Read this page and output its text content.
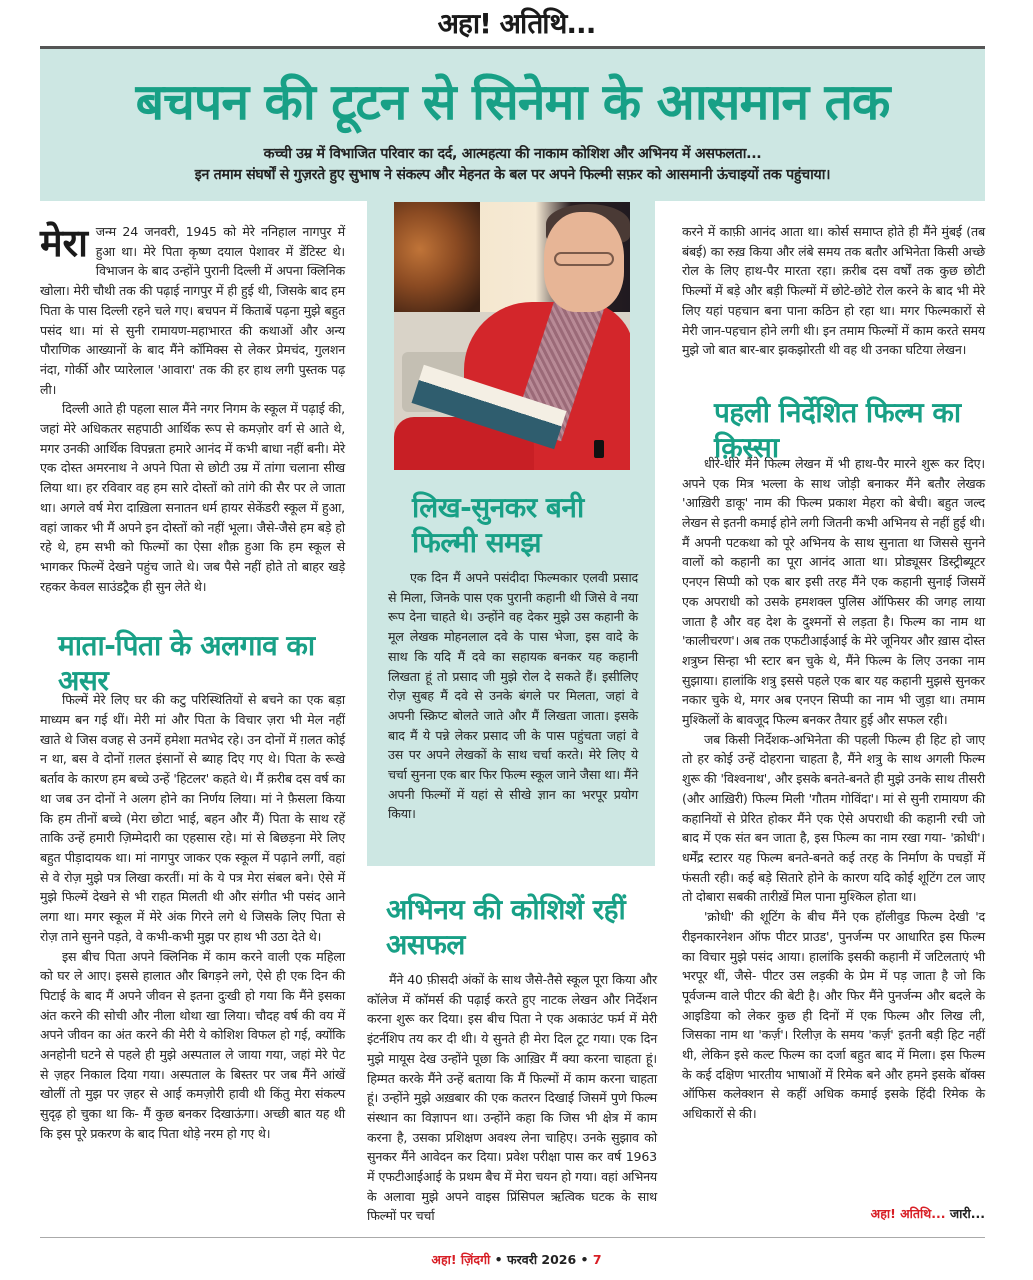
अहा! अतिथि...
बचपन की टूटन से सिनेमा के आसमान तक
कच्ची उम्र में विभाजित परिवार का दर्द, आत्महत्या की नाकाम कोशिश और अभिनय में असफलता...
इन तमाम संघर्षों से गुज़रते हुए सुभाष ने संकल्प और मेहनत के बल पर अपने फिल्मी सफ़र को आसमानी ऊंचाइयों तक पहुंचाया।

मेरा जन्म 24 जनवरी, 1945 को मेरे ननिहाल नागपुर में हुआ था। मेरे पिता कृष्ण दयाल पेशावर में डेंटिस्ट थे। विभाजन के बाद उन्होंने पुरानी दिल्ली में अपना क्लिनिक खोला। मेरी चौथी तक की पढ़ाई नागपुर में ही हुई थी, जिसके बाद हम पिता के पास दिल्ली रहने चले गए। बचपन में किताबें पढ़ना मुझे बहुत पसंद था। मां से सुनी रामायण-महाभारत की कथाओं और अन्य पौराणिक आख्यानों के बाद मैंने कॉमिक्स से लेकर प्रेमचंद, गुलशन नंदा, गोर्की और प्यारेलाल 'आवारा' तक की हर हाथ लगी पुस्तक पढ़ ली।

दिल्ली आते ही पहला साल मैंने नगर निगम के स्कूल में पढ़ाई की, जहां मेरे अधिकतर सहपाठी आर्थिक रूप से कमज़ोर वर्ग से आते थे, मगर उनकी आर्थिक विपन्नता हमारे आनंद में कभी बाधा नहीं बनी। मेरे एक दोस्त अमरनाथ ने अपने पिता से छोटी उम्र में तांगा चलाना सीख लिया था। हर रविवार वह हम सारे दोस्तों को तांगे की सैर पर ले जाता था। अगले वर्ष मेरा दाख़िला सनातन धर्म हायर सेकेंडरी स्कूल में हुआ, वहां जाकर भी मैं अपने इन दोस्तों को नहीं भूला। जैसे-जैसे हम बड़े हो रहे थे, हम सभी को फिल्मों का ऐसा शौक़ हुआ कि हम स्कूल से भागकर फिल्में देखने पहुंच जाते थे। जब पैसे नहीं होते तो बाहर खड़े रहकर केवल साउंडट्रैक ही सुन लेते थे।

फिल्में मेरे लिए घर की कटु परिस्थितियों से बचने का एक बड़ा माध्यम बन गई थीं। मेरी मां और पिता के विचार ज़रा भी मेल नहीं खाते थे जिस वजह से उनमें हमेशा मतभेद रहे। उन दोनों में ग़लत कोई न था, बस वे दोनों ग़लत इंसानों से ब्याह दिए गए थे। पिता के रूखे बर्ताव के कारण हम बच्चे उन्हें 'हिटलर' कहते थे। मैं क़रीब दस वर्ष का था जब उन दोनों ने अलग होने का निर्णय लिया। मां ने फ़ैसला किया कि हम तीनों बच्चे (मेरा छोटा भाई, बहन और मैं) पिता के साथ रहें ताकि उन्हें हमारी ज़िम्मेदारी का एहसास रहे। मां से बिछड़ना मेरे लिए बहुत पीड़ादायक था। मां नागपुर जाकर एक स्कूल में पढ़ाने लगीं, वहां से वे रोज़ मुझे पत्र लिखा करतीं। मां के ये पत्र मेरा संबल बने। ऐसे में मुझे फिल्में देखने से भी राहत मिलती थी और संगीत भी पसंद आने लगा था। मगर स्कूल में मेरे अंक गिरने लगे थे जिसके लिए पिता से रोज़ ताने सुनने पड़ते, वे कभी-कभी मुझ पर हाथ भी उठा देते थे।

इस बीच पिता अपने क्लिनिक में काम करने वाली एक महिला को घर ले आए। इससे हालात और बिगड़ने लगे, ऐसे ही एक दिन की पिटाई के बाद मैं अपने जीवन से इतना दुःखी हो गया कि मैंने इसका अंत करने की सोची और नीला थोथा खा लिया। चौदह वर्ष की वय में अपने जीवन का अंत करने की मेरी ये कोशिश विफल हो गई, क्योंकि अनहोनी घटने से पहले ही मुझे अस्पताल ले जाया गया, जहां मेरे पेट से ज़हर निकाल दिया गया। अस्पताल के बिस्तर पर जब मैंने आंखें खोलीं तो मुझ पर ज़हर से आई कमज़ोरी हावी थी किंतु मेरा संकल्प सुदृढ़ हो चुका था कि- मैं कुछ बनकर दिखाऊंगा। अच्छी बात यह थी कि इस पूरे प्रकरण के बाद पिता थोड़े नरम हो गए थे।

माता-पिता के अलगाव का असर
लिख-सुनकर बनी फिल्मी समझ

एक दिन मैं अपने पसंदीदा फिल्मकार एलवी प्रसाद से मिला, जिनके पास एक पुरानी कहानी थी जिसे वे नया रूप देना चाहते थे। उन्होंने वह देकर मुझे उस कहानी के मूल लेखक मोहनलाल दवे के पास भेजा, इस वादे के साथ कि यदि मैं दवे का सहायक बनकर यह कहानी लिखता हूं तो प्रसाद जी मुझे रोल दे सकते हैं। इसीलिए रोज़ सुबह मैं दवे से उनके बंगले पर मिलता, जहां वे अपनी स्क्रिप्ट बोलते जाते और मैं लिखता जाता। इसके बाद मैं ये पन्ने लेकर प्रसाद जी के पास पहुंचता जहां वे उस पर अपने लेखकों के साथ चर्चा करते। मेरे लिए ये चर्चा सुनना एक बार फिर फिल्म स्कूल जाने जैसा था। मैंने अपनी फिल्मों में यहां से सीखे ज्ञान का भरपूर प्रयोग किया।

अभिनय की कोशिशें रहीं असफल

मैंने 40 फ़ीसदी अंकों के साथ जैसे-तैसे स्कूल पूरा किया और कॉलेज में कॉमर्स की पढ़ाई करते हुए नाटक लेखन और निर्देशन करना शुरू कर दिया। इस बीच पिता ने एक अकाउंट फर्म में मेरी इंटर्नशिप तय कर दी थी। ये सुनते ही मेरा दिल टूट गया। एक दिन मुझे मायूस देख उन्होंने पूछा कि आख़िर मैं क्या करना चाहता हूं। हिम्मत करके मैंने उन्हें बताया कि मैं फिल्मों में काम करना चाहता हूं। उन्होंने मुझे अख़बार की एक कतरन दिखाई जिसमें पुणे फिल्म संस्थान का विज्ञापन था। उन्होंने कहा कि जिस भी क्षेत्र में काम करना है, उसका प्रशिक्षण अवश्य लेना चाहिए। उनके सुझाव को सुनकर मैंने आवेदन कर दिया। प्रवेश परीक्षा पास कर वर्ष 1963 में एफटीआईआई के प्रथम बैच में मेरा चयन हो गया। वहां अभिनय के अलावा मुझे अपने वाइस प्रिंसिपल ऋत्विक घटक के साथ फिल्मों पर चर्चा

करने में काफ़ी आनंद आता था। कोर्स समाप्त होते ही मैंने मुंबई (तब बंबई) का रुख़ किया और लंबे समय तक बतौर अभिनेता किसी अच्छे रोल के लिए हाथ-पैर मारता रहा। क़रीब दस वर्षों तक कुछ छोटी फिल्मों में बड़े और बड़ी फिल्मों में छोटे-छोटे रोल करने के बाद भी मेरे लिए यहां पहचान बना पाना कठिन हो रहा था। मगर फिल्मकारों से मेरी जान-पहचान होने लगी थी। इन तमाम फिल्मों में काम करते समय मुझे जो बात बार-बार झकझोरती थी वह थी उनका घटिया लेखन।

धीरे-धीरे मैंने फिल्म लेखन में भी हाथ-पैर मारने शुरू कर दिए। अपने एक मित्र भल्ला के साथ जोड़ी बनाकर मैंने बतौर लेखक 'आख़िरी डाकू' नाम की फिल्म प्रकाश मेहरा को बेची। बहुत जल्द लेखन से इतनी कमाई होने लगी जितनी कभी अभिनय से नहीं हुई थी। मैं अपनी पटकथा को पूरे अभिनय के साथ सुनाता था जिससे सुनने वालों को कहानी का पूरा आनंद आता था। प्रोड्यूसर डिस्ट्रीब्यूटर एनएन सिप्पी को एक बार इसी तरह मैंने एक कहानी सुनाई जिसमें एक अपराधी को उसके हमशक्ल पुलिस ऑफिसर की जगह लाया जाता है और वह देश के दुश्मनों से लड़ता है। फिल्म का नाम था 'कालीचरण'। अब तक एफटीआईआई के मेरे जूनियर और ख़ास दोस्त शत्रुघ्न सिन्हा भी स्टार बन चुके थे, मैंने फिल्म के लिए उनका नाम सुझाया। हालांकि शत्रु इससे पहले एक बार यह कहानी मुझसे सुनकर नकार चुके थे, मगर अब एनएन सिप्पी का नाम भी जुड़ा था। तमाम मुश्किलों के बावजूद फिल्म बनकर तैयार हुई और सफल रही।

जब किसी निर्देशक-अभिनेता की पहली फिल्म ही हिट हो जाए तो हर कोई उन्हें दोहराना चाहता है, मैंने शत्रु के साथ अगली फिल्म शुरू की 'विश्वनाथ', और इसके बनते-बनते ही मुझे उनके साथ तीसरी (और आख़िरी) फिल्म मिली 'गौतम गोविंदा'। मां से सुनी रामायण की कहानियों से प्रेरित होकर मैंने एक ऐसे अपराधी की कहानी रची जो बाद में एक संत बन जाता है, इस फिल्म का नाम रखा गया- 'क्रोधी'। धर्मेंद्र स्टारर यह फिल्म बनते-बनते कई तरह के निर्माण के पचड़ों में फंसती रही। कई बड़े सितारे होने के कारण यदि कोई शूटिंग टल जाए तो दोबारा सबकी तारीख़ें मिल पाना मुश्किल होता था।

'क्रोधी' की शूटिंग के बीच मैंने एक हॉलीवुड फिल्म देखी 'द रीइनकारनेशन ऑफ पीटर प्राउड', पुनर्जन्म पर आधारित इस फिल्म का विचार मुझे पसंद आया। हालांकि इसकी कहानी में जटिलताएं भी भरपूर थीं, जैसे- पीटर उस लड़की के प्रेम में पड़ जाता है जो कि पूर्वजन्म वाले पीटर की बेटी है। और फिर मैंने पुनर्जन्म और बदले के आइडिया को लेकर कुछ ही दिनों में एक फिल्म और लिख ली, जिसका नाम था 'कर्ज़'। रिलीज़ के समय 'कर्ज़' इतनी बड़ी हिट नहीं थी, लेकिन इसे कल्ट फिल्म का दर्जा बहुत बाद में मिला। इस फिल्म के कई दक्षिण भारतीय भाषाओं में रिमेक बने और हमने इसके बॉक्स ऑफिस कलेक्शन से कहीं अधिक कमाई इसके हिंदी रिमेक के अधिकारों से की।

पहली निर्देशित फिल्म का क़िस्सा
अहा! अतिथि... जारी...
अहा! ज़िंदगी • फरवरी 2026 • 7
